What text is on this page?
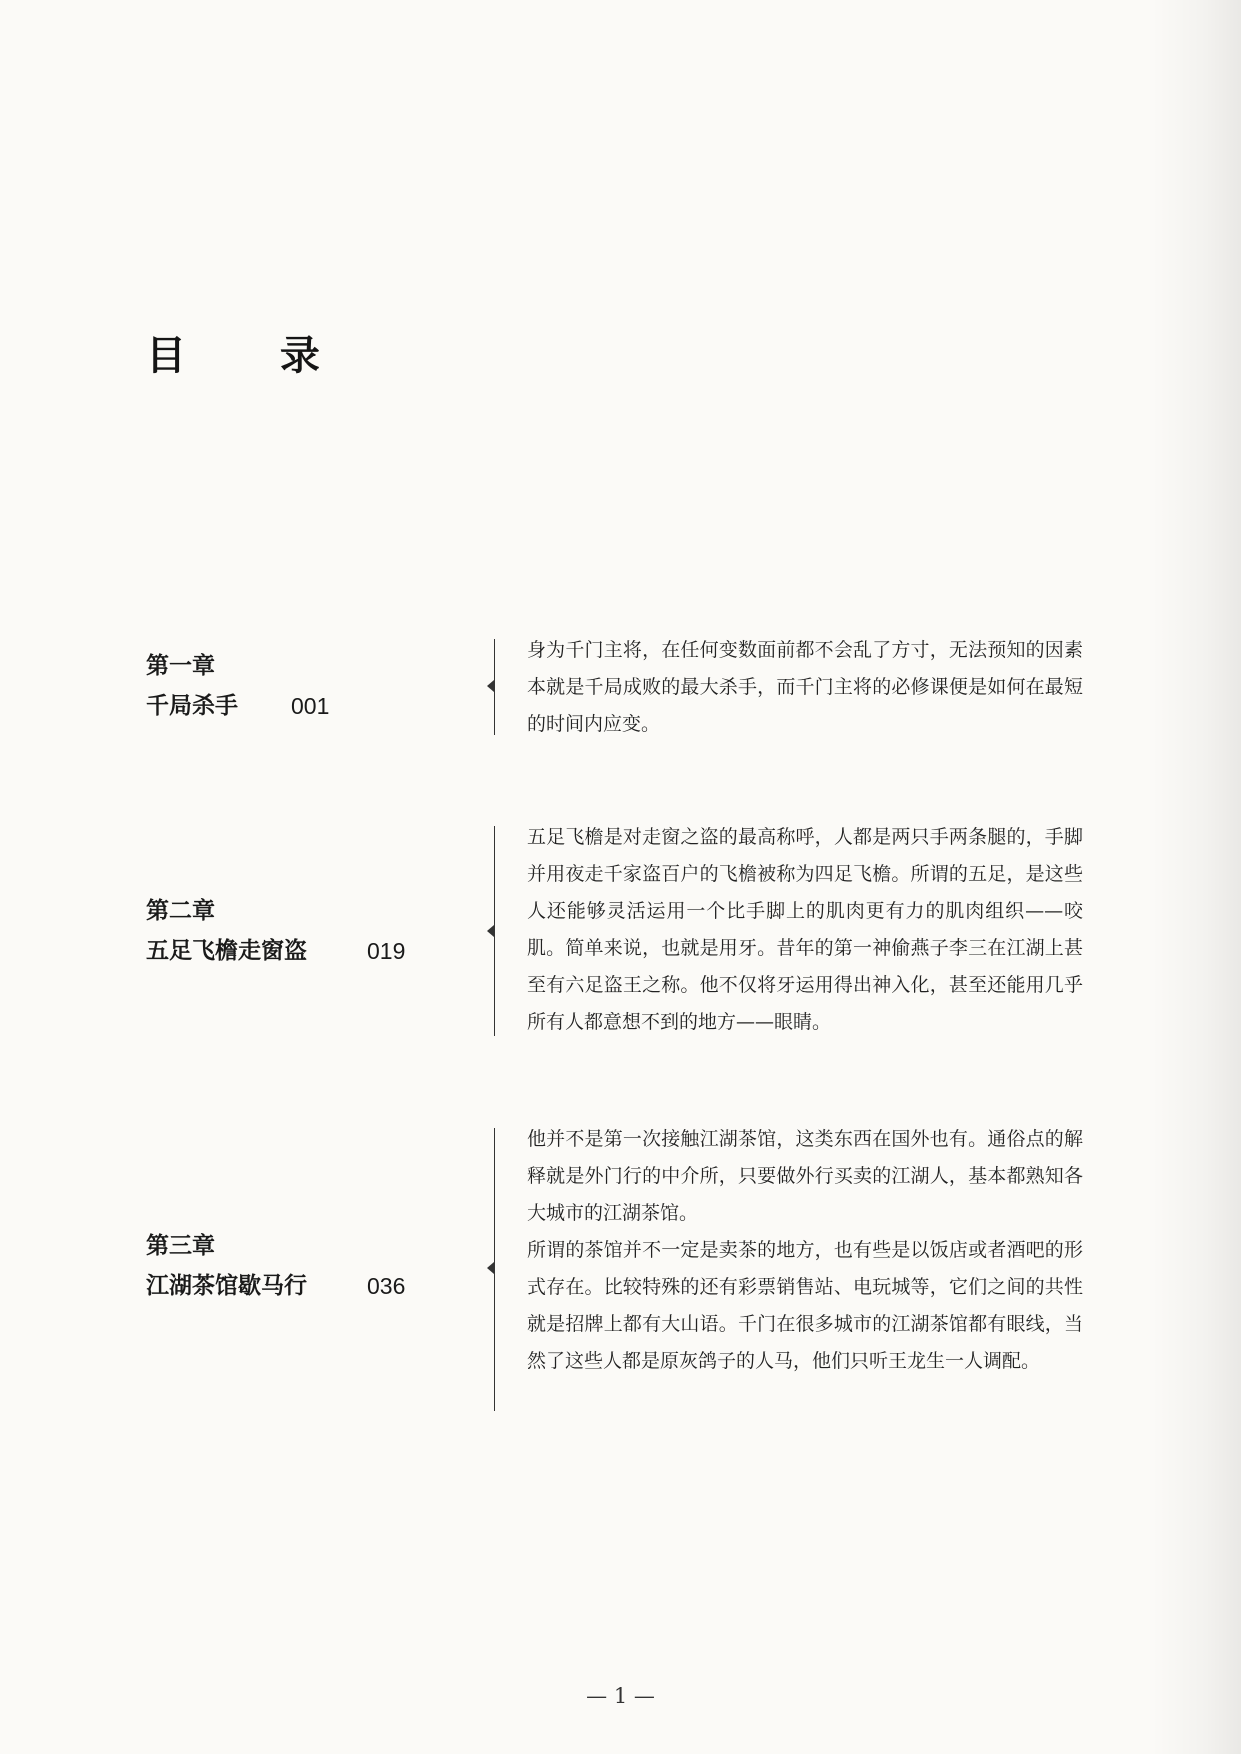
目 录
第一章
千局杀手 001

身为千门主将，在任何变数面前都不会乱了方寸，无法预知的因素本就是千局成败的最大杀手，而千门主将的必修课便是如何在最短的时间内应变。

第二章
五足飞檐走窗盗	019

五足飞檐是对走窗之盗的最高称呼，人都是两只手两条腿的，手脚并用夜走千家盗百户的飞檐被称为四足飞檐。所谓的五足，是这些人还能够灵活运用一个比手脚上的肌肉更有力的肌肉组织——咬肌。简单来说，也就是用牙。昔年的第一神偷燕子李三在江湖上甚至有六足盗王之称。他不仅将牙运用得出神入化，甚至还能用几乎所有人都意想不到的地方——眼睛。

第三章
江湖茶馆歇马行	036

他并不是第一次接触江湖茶馆，这类东西在国外也有。通俗点的解释就是外门行的中介所，只要做外行买卖的江湖人，基本都熟知各大城市的江湖茶馆。

所谓的茶馆并不一定是卖茶的地方，也有些是以饭店或者酒吧的形式存在。比较特殊的还有彩票销售站、电玩城等，它们之间的共性就是招牌上都有大山语。千门在很多城市的江湖茶馆都有眼线，当然了这些人都是原灰鸽子的人马，他们只听王龙生一人调配。

— 1 —
